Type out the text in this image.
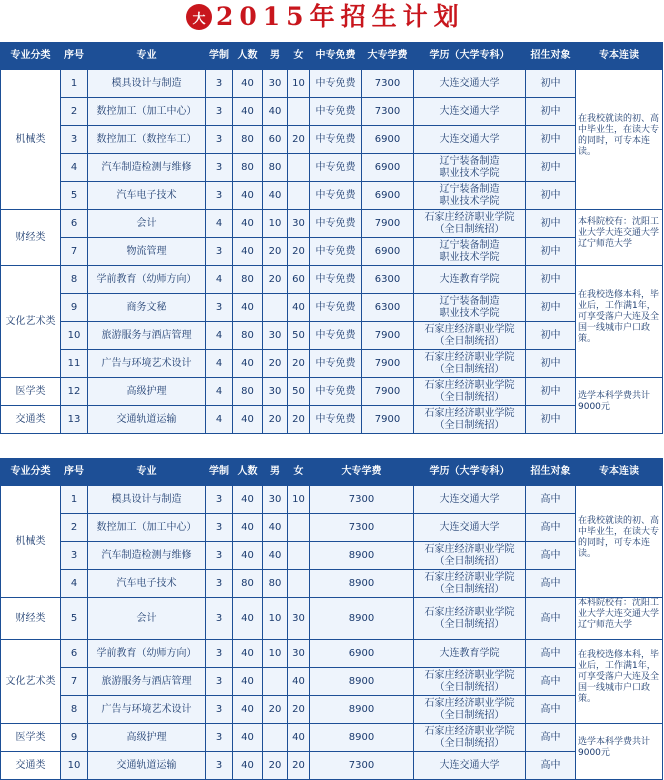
大 2015年招生计划
专业分类	序号	专业	学制	人数	男	女	中专免费	大专学费	学历（大学专科）	招生对象	专本连读
机械类	1	模具设计与制造	3	40	30	10	中专免费	7300	大连交通大学	初中	在我校就读的初、高中毕业生，在读大专的同时，可专本连读。

	2	数控加工（加工中心）	3	40	40		中专免费	7300	大连交通大学	初中	
	3	数控加工（数控车工）	3	80	60	20	中专免费	6900	大连交通大学	初中	
	4	汽车制造检测与维修	3	80	80		中专免费	6900	辽宁装备制造
职业技术学院	初中	
	5	汽车电子技术	3	40	40		中专免费	6900	辽宁装备制造
职业技术学院	初中	
财经类	6	会计	4	40	10	30	中专免费	7900	石家庄经济职业学院
（全日制统招）	初中	本科院校有：沈阳工业大学大连交通大学辽宁师范大学

	7	物流管理	3	40	20	20	中专免费	6900	辽宁装备制造
职业技术学院	初中	
文化艺术类	8	学前教育（幼师方向）	4	80	20	60	中专免费	6300	大连教育学院	初中	在我校选修本科，毕业后，工作满1年，可享受落户大连及全国一线城市户口政策。

	9	商务文秘	3	40		40	中专免费	6300	辽宁装备制造
职业技术学院	初中	
	10	旅游服务与酒店管理	4	80	30	50	中专免费	7900	石家庄经济职业学院
（全日制统招）	初中	
	11	广告与环境艺术设计	4	40	20	20	中专免费	7900	石家庄经济职业学院
（全日制统招）	初中	
医学类	12	高级护理	4	80	30	50	中专免费	7900	石家庄经济职业学院
（全日制统招）	初中	选学本科学费共计9000元

交通类	13	交通轨道运输	4	40	20	20	中专免费	7900	石家庄经济职业学院
（全日制统招）	初中	
专业分类	序号	专业	学制	人数	男	女	大专学费	学历（大学专科）	招生对象	专本连读
机械类	1	模具设计与制造	3	40	30	10	7300	大连交通大学	高中	在我校就读的初、高中毕业生，在读大专的同时，可专本连读。

	2	数控加工（加工中心）	3	40	40		7300	大连交通大学	高中	
	3	汽车制造检测与维修	3	40	40		8900	石家庄经济职业学院
（全日制统招）	高中	
	4	汽车电子技术	3	80	80		8900	石家庄经济职业学院
（全日制统招）	高中	
财经类	5	会计	3	40	10	30	8900	石家庄经济职业学院
（全日制统招）	高中	本科院校有：沈阳工业大学大连交通大学辽宁师范大学

文化艺术类	6	学前教育（幼师方向）	3	40	10	30	6900	大连教育学院	高中	在我校选修本科，毕业后，工作满1年，可享受落户大连及全国一线城市户口政策。

	7	旅游服务与酒店管理	3	40		40	8900	石家庄经济职业学院
（全日制统招）	高中	
	8	广告与环境艺术设计	3	40	20	20	8900	石家庄经济职业学院
（全日制统招）	高中	
医学类	9	高级护理	3	40		40	8900	石家庄经济职业学院
（全日制统招）	高中	选学本科学费共计9000元

交通类	10	交通轨道运输	3	40	20	20	7300	大连交通大学	高中	
